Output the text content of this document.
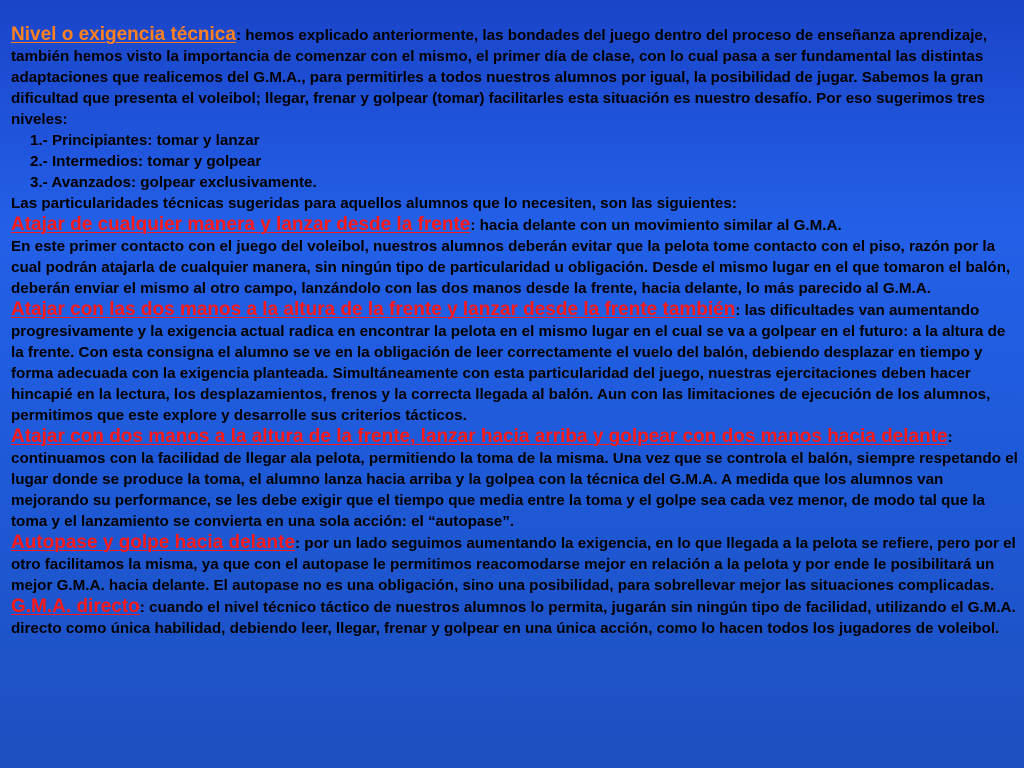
Nivel o exigencia técnica: hemos explicado anteriormente, las bondades del juego dentro del proceso de enseñanza aprendizaje, también hemos visto la importancia de comenzar con el mismo, el primer día de clase, con lo cual pasa a ser fundamental las distintas adaptaciones que realicemos del G.M.A., para permitirles a todos nuestros alumnos por igual, la posibilidad de jugar. Sabemos la gran dificultad que presenta el voleibol; llegar, frenar y golpear (tomar) facilitarles esta situación es nuestro desafío. Por eso sugerimos tres niveles:

1.- Principiantes: tomar y lanzar
2.- Intermedios: tomar y golpear
3.- Avanzados: golpear exclusivamente.

Las particularidades técnicas sugeridas para aquellos alumnos que lo necesiten, son las siguientes:

Atajar de cualquier manera y lanzar desde la frente: hacia delante con un movimiento similar al G.M.A.

En este primer contacto con el juego del voleibol, nuestros alumnos deberán evitar que la pelota tome contacto con el piso, razón por la cual podrán atajarla de cualquier manera, sin ningún tipo de particularidad u obligación. Desde el mismo lugar en el que tomaron el balón, deberán enviar el mismo al otro campo, lanzándolo con las dos manos desde la frente, hacia delante, lo más parecido al G.M.A.

Atajar con las dos manos a la altura de la frente y lanzar desde la frente también: las dificultades van aumentando progresivamente y la exigencia actual radica en encontrar la pelota en el mismo lugar en el cual se va a golpear en el futuro: a la altura de la frente. Con esta consigna el alumno se ve en la obligación de leer correctamente el vuelo del balón, debiendo desplazar en tiempo y forma adecuada con la exigencia planteada. Simultáneamente con esta particularidad del juego, nuestras ejercitaciones deben hacer hincapié en la lectura, los desplazamientos, frenos y la correcta llegada al balón. Aun con las limitaciones de ejecución de los alumnos, permitimos que este explore y desarrolle sus criterios tácticos.

Atajar con dos manos a la altura de la frente, lanzar hacia arriba y golpear con dos manos hacia delante: continuamos con la facilidad de llegar ala pelota, permitiendo la toma de la misma. Una vez que se controla el balón, siempre respetando el lugar donde se produce la toma, el alumno lanza hacia arriba y la golpea con la técnica del G.M.A. A medida que los alumnos van mejorando su performance, se les debe exigir que el tiempo que media entre la toma y el golpe sea cada vez menor, de modo tal que la toma y el lanzamiento se convierta en una sola acción: el “autopase”.

Autopase y golpe hacia delante: por un lado seguimos aumentando la exigencia, en lo que llegada a la pelota se refiere, pero por el otro facilitamos la misma, ya que con el autopase le permitimos reacomodarse mejor en relación a la pelota y por ende le posibilitará un mejor G.M.A. hacia delante. El autopase no es una obligación, sino una posibilidad, para sobrellevar mejor las situaciones complicadas.

G.M.A. directo: cuando el nivel técnico táctico de nuestros alumnos lo permita, jugarán sin ningún tipo de facilidad, utilizando el G.M.A. directo como única habilidad, debiendo leer, llegar, frenar y golpear en una única acción, como lo hacen todos los jugadores de voleibol.
